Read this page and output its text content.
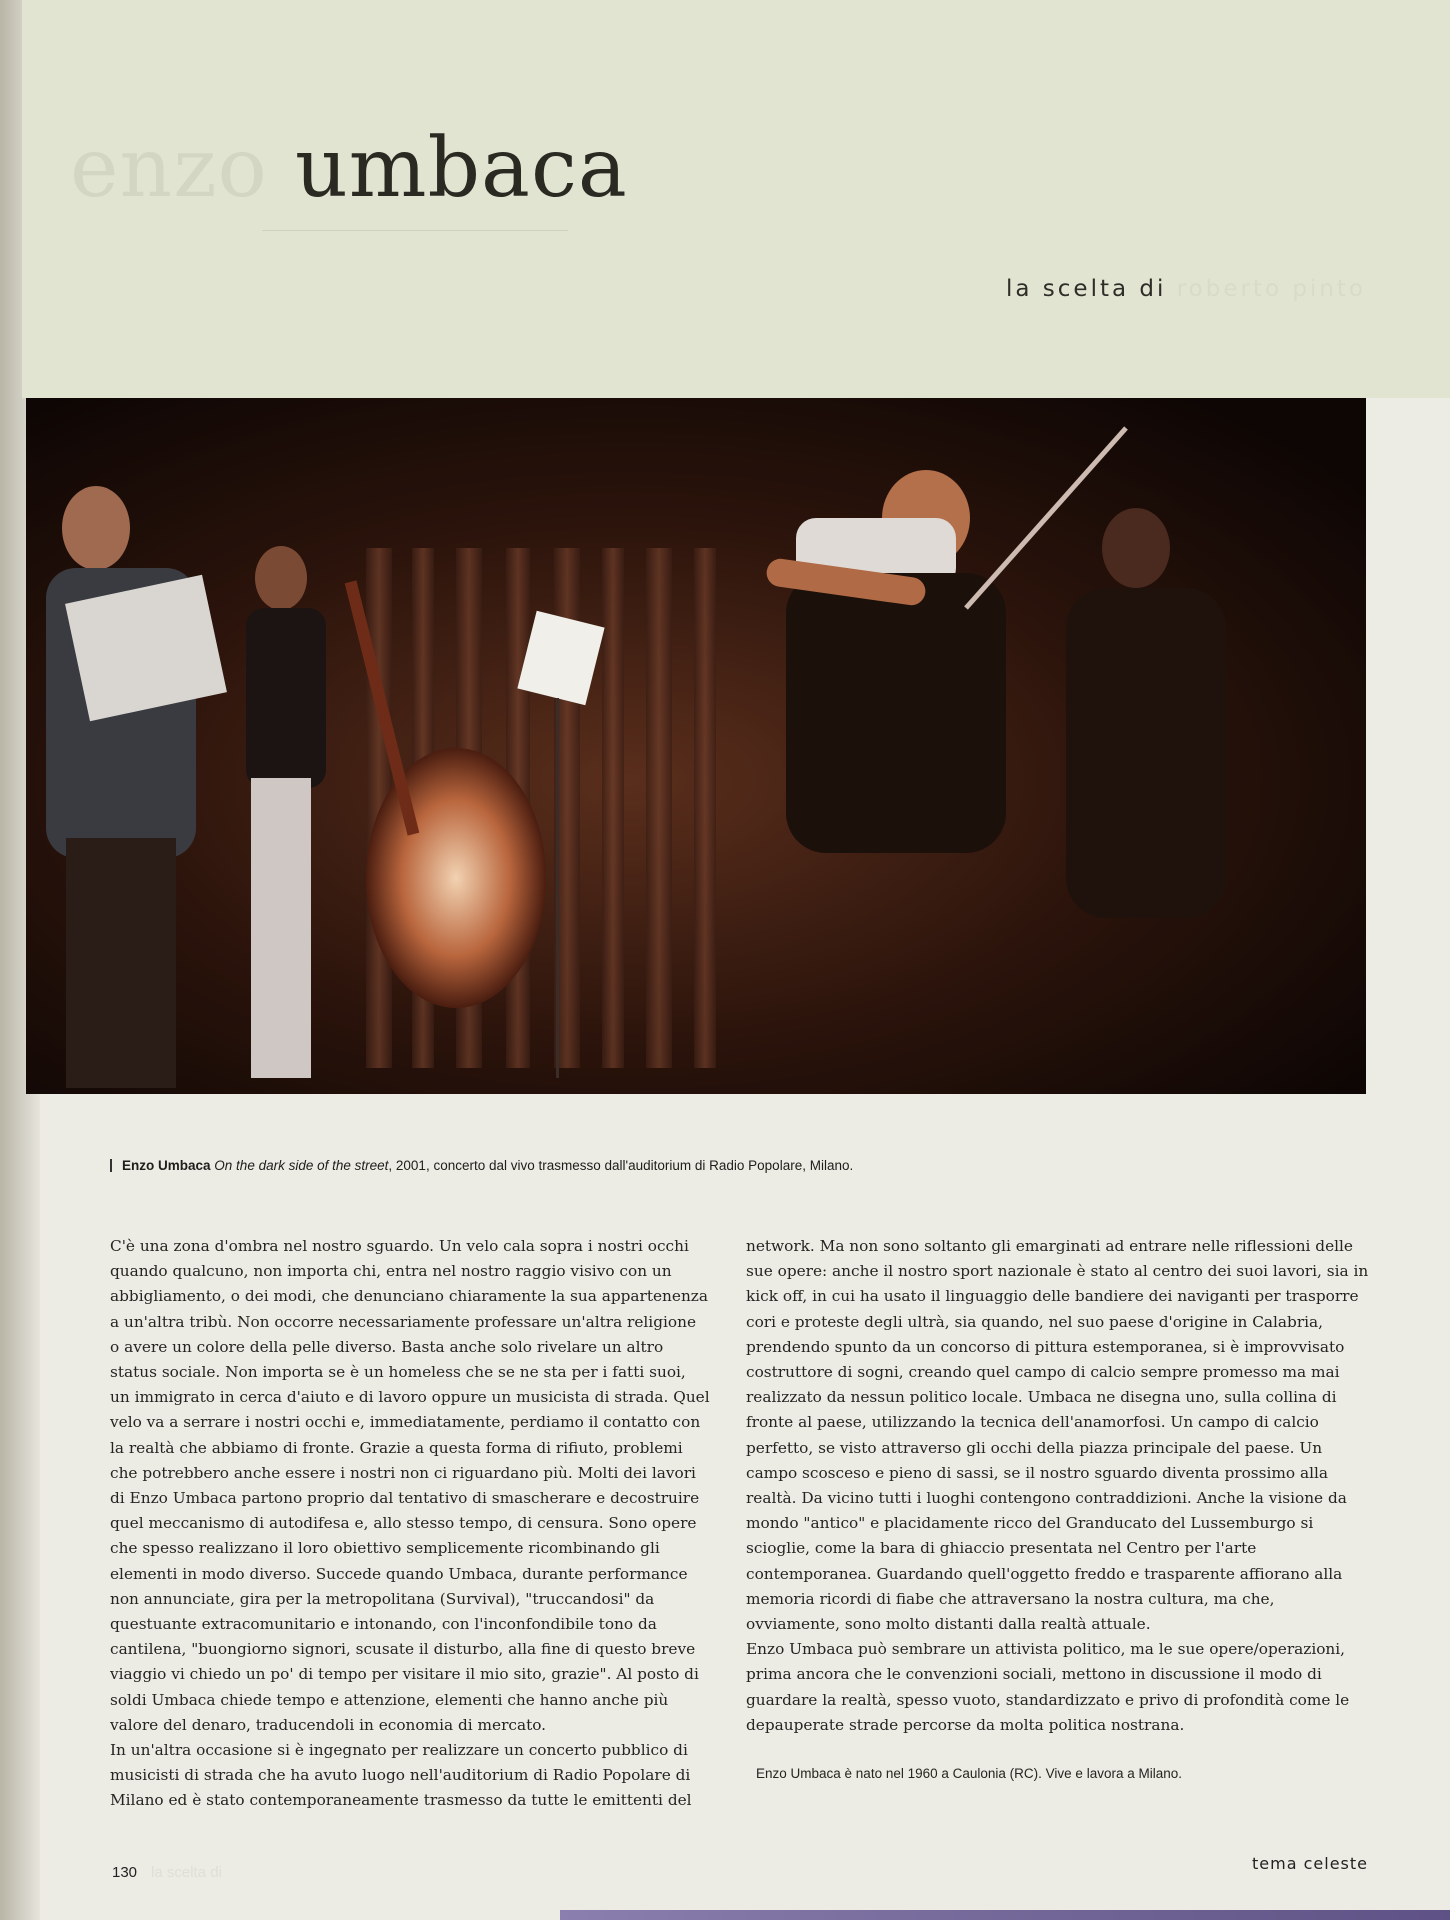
enzo umbaca
la scelta di roberto pinto
Enzo Umbaca On the dark side of the street, 2001, concerto dal vivo trasmesso dall'auditorium di Radio Popolare, Milano.

C'è una zona d'ombra nel nostro sguardo. Un velo cala sopra i nostri occhi quando qualcuno, non importa chi, entra nel nostro raggio visivo con un abbigliamento, o dei modi, che denunciano chiaramente la sua appartenenza a un'altra tribù. Non occorre necessariamente professare un'altra religione o avere un colore della pelle diverso. Basta anche solo rivelare un altro status sociale. Non importa se è un homeless che se ne sta per i fatti suoi, un immigrato in cerca d'aiuto e di lavoro oppure un musicista di strada. Quel velo va a serrare i nostri occhi e, immediatamente, perdiamo il contatto con la realtà che abbiamo di fronte. Grazie a questa forma di rifiuto, problemi che potrebbero anche essere i nostri non ci riguardano più. Molti dei lavori di Enzo Umbaca partono proprio dal tentativo di smascherare e decostruire quel meccanismo di autodifesa e, allo stesso tempo, di censura. Sono opere che spesso realizzano il loro obiettivo semplicemente ricombinando gli elementi in modo diverso. Succede quando Umbaca, durante performance non annunciate, gira per la metropolitana (Survival), "truccandosi" da questuante extracomunitario e intonando, con l'inconfondibile tono da cantilena, "buongiorno signori, scusate il disturbo, alla fine di questo breve viaggio vi chiedo un po' di tempo per visitare il mio sito, grazie". Al posto di soldi Umbaca chiede tempo e attenzione, elementi che hanno anche più valore del denaro, traducendoli in economia di mercato.

In un'altra occasione si è ingegnato per realizzare un concerto pubblico di musicisti di strada che ha avuto luogo nell'auditorium di Radio Popolare di Milano ed è stato contemporaneamente trasmesso da tutte le emittenti del

network. Ma non sono soltanto gli emarginati ad entrare nelle riflessioni delle sue opere: anche il nostro sport nazionale è stato al centro dei suoi lavori, sia in kick off, in cui ha usato il linguaggio delle bandiere dei naviganti per trasporre cori e proteste degli ultrà, sia quando, nel suo paese d'origine in Calabria, prendendo spunto da un concorso di pittura estemporanea, si è improvvisato costruttore di sogni, creando quel campo di calcio sempre promesso ma mai realizzato da nessun politico locale. Umbaca ne disegna uno, sulla collina di fronte al paese, utilizzando la tecnica dell'anamorfosi. Un campo di calcio perfetto, se visto attraverso gli occhi della piazza principale del paese. Un campo scosceso e pieno di sassi, se il nostro sguardo diventa prossimo alla realtà. Da vicino tutti i luoghi contengono contraddizioni. Anche la visione da mondo "antico" e placidamente ricco del Granducato del Lussemburgo si scioglie, come la bara di ghiaccio presentata nel Centro per l'arte contemporanea. Guardando quell'oggetto freddo e trasparente affiorano alla memoria ricordi di fiabe che attraversano la nostra cultura, ma che, ovviamente, sono molto distanti dalla realtà attuale.

Enzo Umbaca può sembrare un attivista politico, ma le sue opere/operazioni, prima ancora che le convenzioni sociali, mettono in discussione il modo di guardare la realtà, spesso vuoto, standardizzato e privo di profondità come le depauperate strade percorse da molta politica nostrana.

Enzo Umbaca è nato nel 1960 a Caulonia (RC). Vive e lavora a Milano.
130 la scelta di	tema celeste
